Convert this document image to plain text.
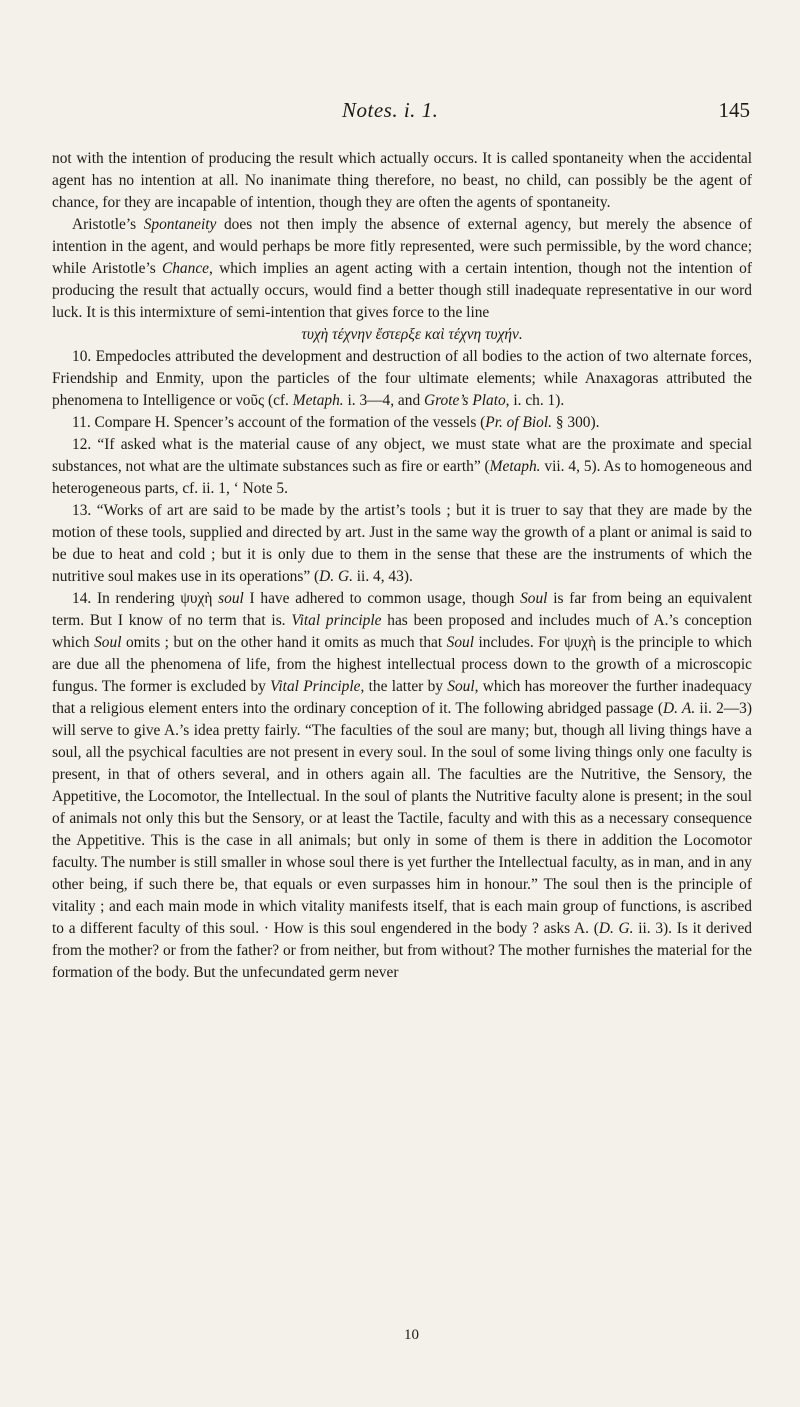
Notes. i. 1.	145

not with the intention of producing the result which actually occurs. It is called spontaneity when the accidental agent has no intention at all. No inanimate thing therefore, no beast, no child, can possibly be the agent of chance, for they are incapable of intention, though they are often the agents of spontaneity.

Aristotle’s Spontaneity does not then imply the absence of external agency, but merely the absence of intention in the agent, and would perhaps be more fitly represented, were such permissible, by the word chance; while Aristotle’s Chance, which implies an agent acting with a certain intention, though not the intention of producing the result that actually occurs, would find a better though still inadequate representative in our word luck. It is this intermixture of semi-intention that gives force to the line

τυχὴ τέχνην ἔστερξε καὶ τέχνη τυχήν.

10. Empedocles attributed the development and destruction of all bodies to the action of two alternate forces, Friendship and Enmity, upon the particles of the four ultimate elements; while Anaxagoras attributed the phenomena to Intelligence or νοῦς (cf. Metaph. i. 3—4, and Grote’s Plato, i. ch. 1).

11. Compare H. Spencer’s account of the formation of the vessels (Pr. of Biol. § 300).

12. “If asked what is the material cause of any object, we must state what are the proximate and special substances, not what are the ultimate substances such as fire or earth” (Metaph. vii. 4, 5). As to homogeneous and heterogeneous parts, cf. ii. 1, ‘ Note 5.

13. “Works of art are said to be made by the artist’s tools ; but it is truer to say that they are made by the motion of these tools, supplied and directed by art. Just in the same way the growth of a plant or animal is said to be due to heat and cold ; but it is only due to them in the sense that these are the instruments of which the nutritive soul makes use in its operations” (D. G. ii. 4, 43).

14. In rendering ψυχὴ soul I have adhered to common usage, though Soul is far from being an equivalent term. But I know of no term that is. Vital principle has been proposed and includes much of A.’s conception which Soul omits ; but on the other hand it omits as much that Soul includes. For ψυχὴ is the principle to which are due all the phenomena of life, from the highest intellectual process down to the growth of a microscopic fungus. The former is excluded by Vital Principle, the latter by Soul, which has moreover the further inadequacy that a religious element enters into the ordinary conception of it. The following abridged passage (D. A. ii. 2—3) will serve to give A.’s idea pretty fairly. “The faculties of the soul are many; but, though all living things have a soul, all the psychical faculties are not present in every soul. In the soul of some living things only one faculty is present, in that of others several, and in others again all. The faculties are the Nutritive, the Sensory, the Appetitive, the Locomotor, the Intellectual. In the soul of plants the Nutritive faculty alone is present; in the soul of animals not only this but the Sensory, or at least the Tactile, faculty and with this as a necessary consequence the Appetitive. This is the case in all animals; but only in some of them is there in addition the Locomotor faculty. The number is still smaller in whose soul there is yet further the Intellectual faculty, as in man, and in any other being, if such there be, that equals or even surpasses him in honour.” The soul then is the principle of vitality ; and each main mode in which vitality manifests itself, that is each main group of functions, is ascribed to a different faculty of this soul. · How is this soul engendered in the body ? asks A. (D. G. ii. 3). Is it derived from the mother? or from the father? or from neither, but from without? The mother furnishes the material for the formation of the body. But the unfecundated germ never

10
